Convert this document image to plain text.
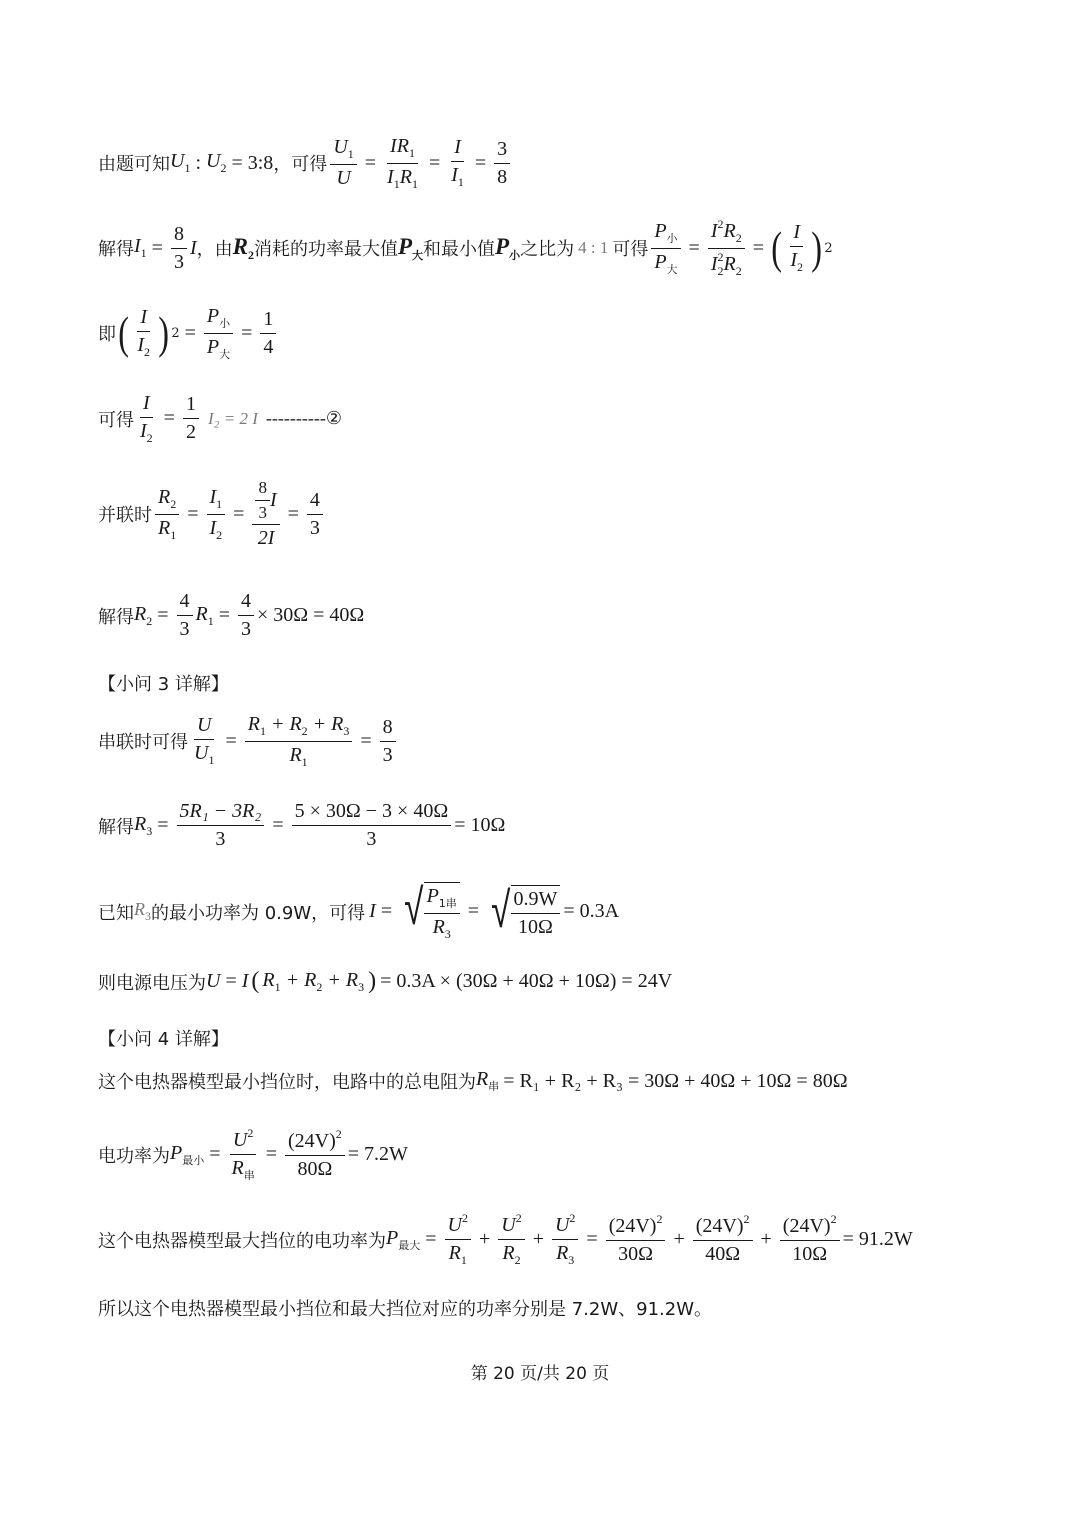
由题可知 $U_1$ : $U_2$ = 3:8 ，可得 $\frac{U_1}{U} = \frac{IR_1}{I_1R_1} = \frac{I}{I_1} = \frac{3}{8}$
解得 $I_1 = \frac{8}{3}$ I ，由 $R_2$ 消耗的功率最大值 $P_大$ 和最小值 $P_小$ 之比为 4 : 1 可得 $\frac{P_小}{P_大} = \frac{I^2R_2}{I_2^2R_2}$ = ( $\frac{I}{I_2}$ ) 2
即 ( $\frac{I}{I_2}$ ) $2 = \frac{P_小}{P_大} = \frac{1}{4}$
可得 $\frac{I}{I_2} = \frac{1}{2} I_2 = 2$ I ----------②
并联时 $\frac{R_2}{R_1} = \frac{I_1}{I_2} = \frac{\frac{8}{3} I}{2I} = \frac{4}{3}$
解得 $R_2 = \frac{4}{3} R_1 = \frac{4}{3} \times 30\Omega = 40\Omega$
【小问 3 详解】
串联时可得 $\frac{U}{U_1} = \frac{R_1 + R_2 + R_3}{R_1} = \frac{8}{3}$
解得 $R_3 = \frac{\text{5R₁ − 3R₂}}{3} = \frac{5 \times 30\Omega - 3 \times 40\Omega}{3} = 10\Omega$
已知 $R_3$ 的最小功率为 0.9W，可得 I = √ $\frac{P_{1串}}{R_3}$ = √ $\frac{0.9W}{10\Omega} = 0.3A$
则电源电压为 U = I ( $R_1 + R_2 + R_3$ ) = 0.3A × (30Ω + 40Ω + 10Ω) = 24V
【小问 4 详解】
这个电热器模型最小挡位时，电路中的总电阻为 $R_串 = R_1 + R_2 + R_3 = 30\Omega + 40\Omega + 10\Omega = 80\Omega$
电功率为 $P_{最小} = \frac{U^2}{R_串} = \frac{(24V)^2}{80\Omega} = 7.2W$
这个电热器模型最大挡位的电功率为 $P_{最大} = \frac{U^2}{R_1} + \frac{U^2}{R_2} + \frac{U^2}{R_3} = \frac{(24V)^2}{30\Omega} + \frac{(24V)^2}{40\Omega} + \frac{(24V)^2}{10\Omega} = 91.2W$
所以这个电热器模型最小挡位和最大挡位对应的功率分别是 7.2W、91.2W。
第 20 页/共 20 页
